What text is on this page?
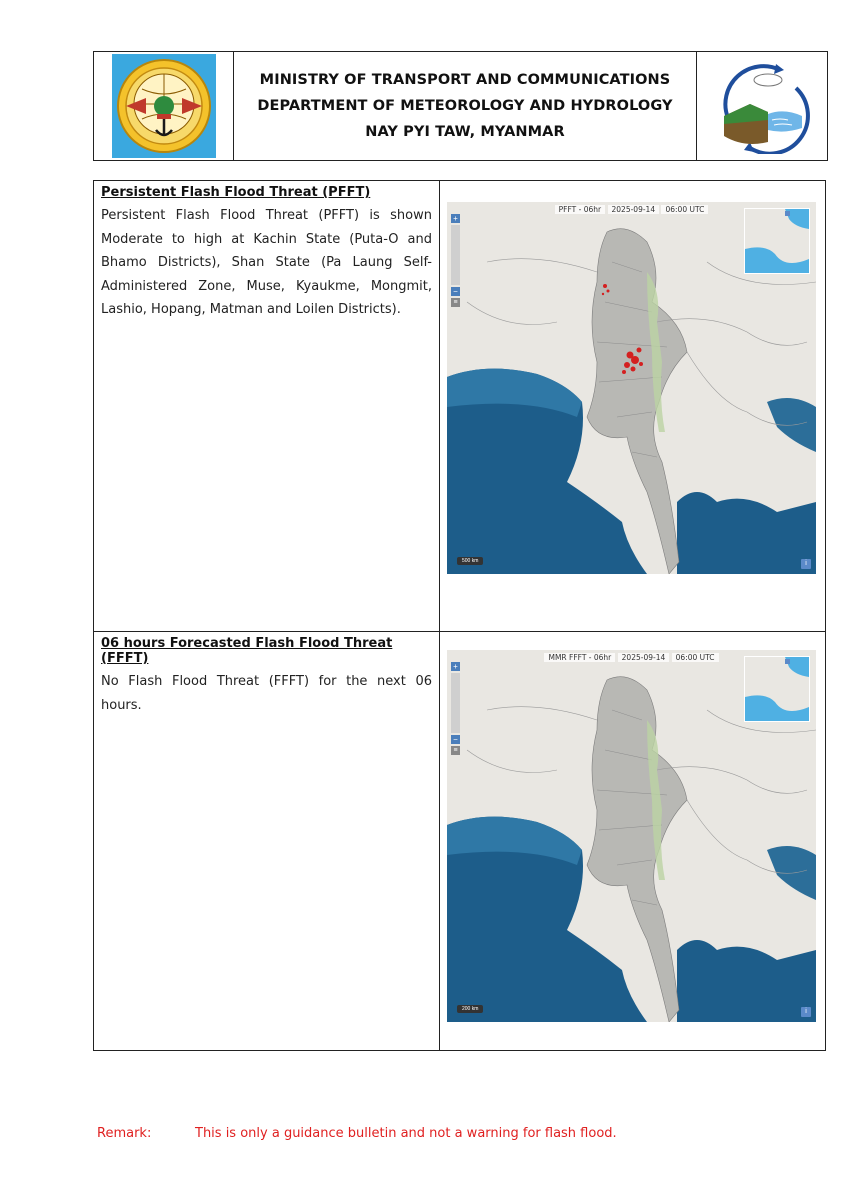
MINISTRY OF TRANSPORT AND COMMUNICATIONS
DEPARTMENT OF METEOROLOGY AND HYDROLOGY
NAY PYI TAW, MYANMAR
Persistent Flash Flood Threat (PFFT)
Persistent Flash Flood Threat (PFFT) is shown Moderate to high at Kachin State (Puta-O and Bhamo Districts), Shan State (Pa Laung Self-Administered Zone, Muse, Kyaukme, Mongmit, Lashio, Hopang, Matman and Loilen Districts).
PFFT - 06hr 2025-09-14 06:00 UTC
+
−
≡
500 km	i
06 hours Forecasted Flash Flood Threat (FFFT)
No Flash Flood Threat (FFFT) for the next 06 hours.
MMR FFFT - 06hr 2025-09-14 06:00 UTC
+
−
≡
200 km	i
Remark:	This is only a guidance bulletin and not a warning for flash flood.
